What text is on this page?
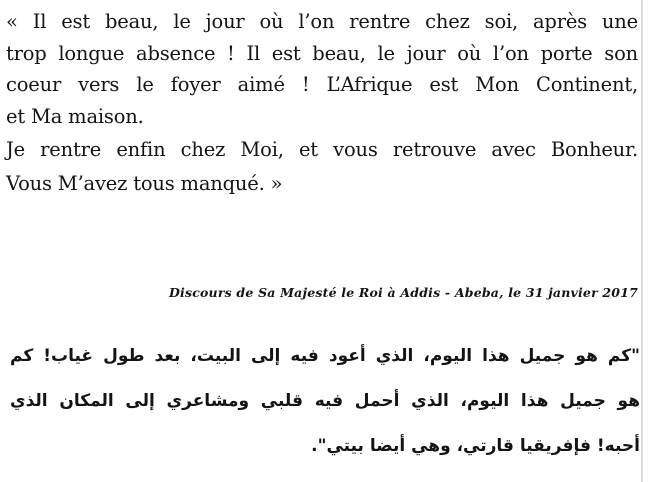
« Il est beau, le jour où l’on rentre chez soi, après une
trop longue absence ! Il est beau, le jour où l’on porte son
coeur vers le foyer aimé ! L’Afrique est Mon Continent,
et Ma maison.
Je rentre enfin chez Moi, et vous retrouve avec Bonheur.
Vous M’avez tous manqué. »
Discours de Sa Majesté le Roi à Addis - Abeba, le 31 janvier 2017
"كم هو جميل هذا اليوم، الذي أعود فيه إلى البيت، بعد طول غياب! كم
هو جميل هذا اليوم، الذي أحمل فيه قلبي ومشاعري إلى المكان الذي
أحبه! فإفريقيا قارتي، وهي أيضا بيتي".
